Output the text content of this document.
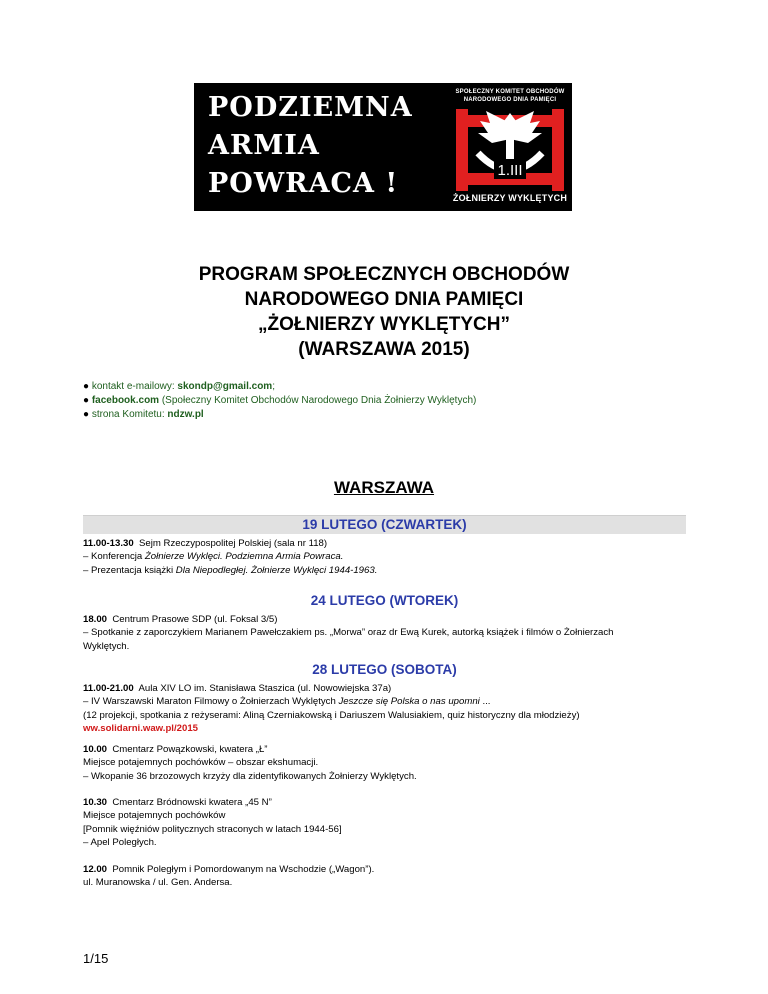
PODZIEMNA
ARMIA
POWRACA !
SPOŁECZNY KOMITET OBCHODÓW
NARODOWEGO DNIA PAMIĘCI
1.III
ŻOŁNIERZY WYKLĘTYCH
PROGRAM SPOŁECZNYCH OBCHODÓW
NARODOWEGO DNIA PAMIĘCI
„ŻOŁNIERZY WYKLĘTYCH”
(WARSZAWA 2015)
● kontakt e-mailowy: skondp@gmail.com;
● facebook.com (Społeczny Komitet Obchodów Narodowego Dnia Żołnierzy Wyklętych)
● strona Komitetu: ndzw.pl
WARSZAWA
19 LUTEGO (CZWARTEK)

11.00-13.30 Sejm Rzeczypospolitej Polskiej (sala nr 118)

– Konferencja Żołnierze Wyklęci. Podziemna Armia Powraca.

– Prezentacja książki Dla Niepodległej. Żołnierze Wyklęci 1944-1963.

24 LUTEGO (WTOREK)

18.00 Centrum Prasowe SDP (ul. Foksal 3/5)

– Spotkanie z zaporczykiem Marianem Pawełczakiem ps. „Morwa” oraz dr Ewą Kurek, autorką książek i filmów o Żołnierzach

Wyklętych.

28 LUTEGO (SOBOTA)

11.00-21.00 Aula XIV LO im. Stanisława Staszica (ul. Nowowiejska 37a)

– IV Warszawski Maraton Filmowy o Żołnierzach Wyklętych Jeszcze się Polska o nas upomni ...

(12 projekcji, spotkania z reżyserami: Aliną Czerniakowską i Dariuszem Walusiakiem, quiz historyczny dla młodzieży)

ww.solidarni.waw.pl/2015

10.00 Cmentarz Powązkowski, kwatera „Ł”

Miejsce potajemnych pochówków – obszar ekshumacji.

– Wkopanie 36 brzozowych krzyży dla zidentyfikowanych Żołnierzy Wyklętych.

10.30 Cmentarz Bródnowski kwatera „45 N”

Miejsce potajemnych pochówków

[Pomnik więźniów politycznych straconych w latach 1944-56]

– Apel Poległych.

12.00 Pomnik Poległym i Pomordowanym na Wschodzie („Wagon”).

ul. Muranowska / ul. Gen. Andersa.

1/15
